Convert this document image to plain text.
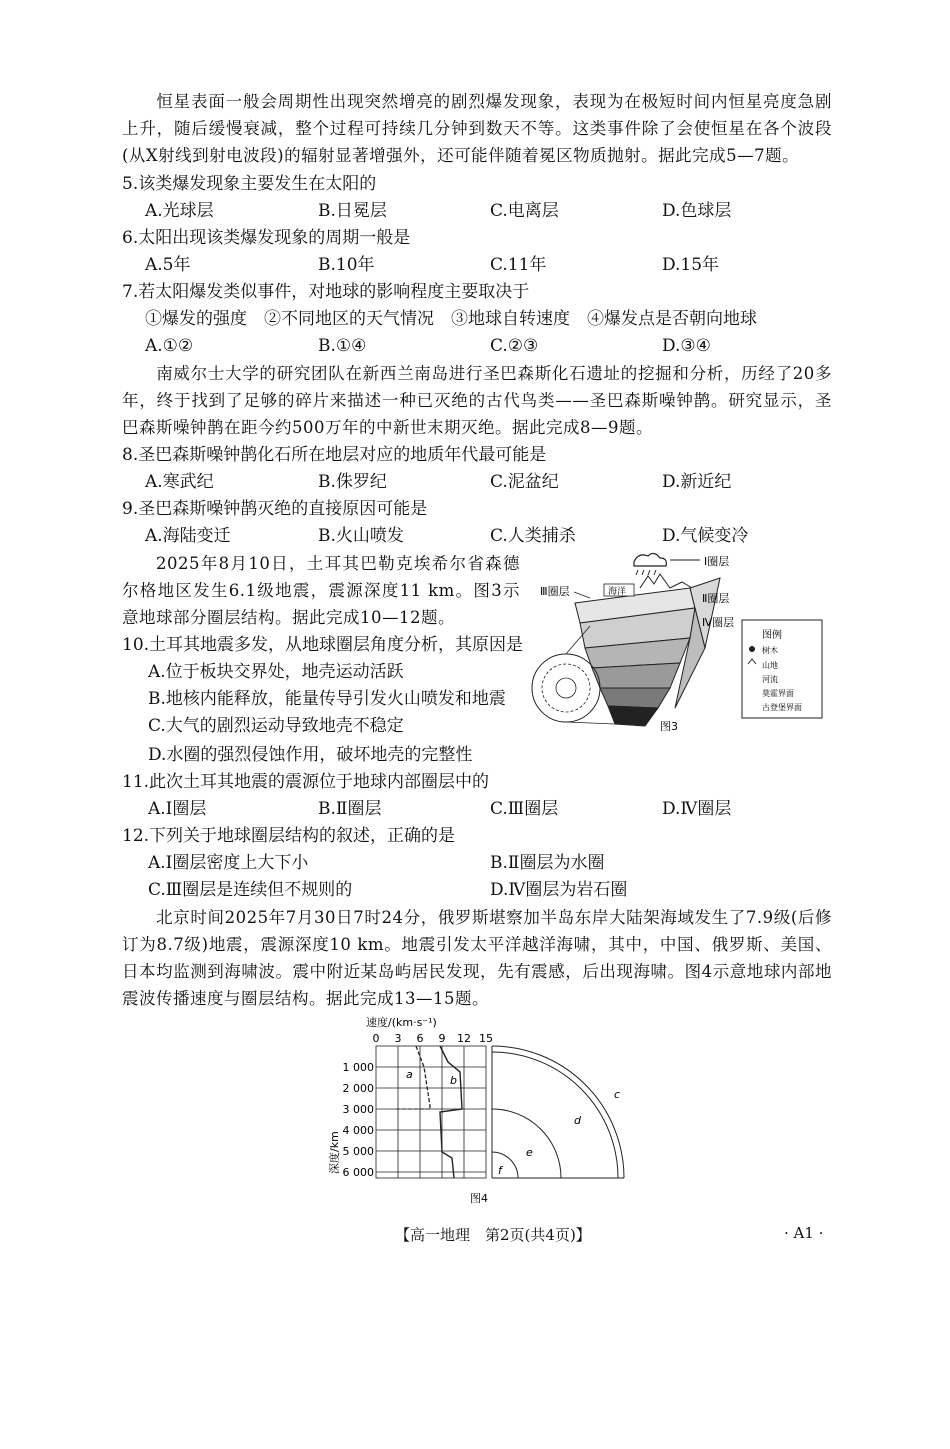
恒星表面一般会周期性出现突然增亮的剧烈爆发现象，表现为在极短时间内恒星亮度急剧上升，随后缓慢衰减，整个过程可持续几分钟到数天不等。这类事件除了会使恒星在各个波段(从X射线到射电波段)的辐射显著增强外，还可能伴随着冕区物质抛射。据此完成5—7题。
5.该类爆发现象主要发生在太阳的
A.光球层	B.日冕层	C.电离层	D.色球层
6.太阳出现该类爆发现象的周期一般是
A.5年	B.10年	C.11年	D.15年
7.若太阳爆发类似事件，对地球的影响程度主要取决于
①爆发的强度　②不同地区的天气情况　③地球自转速度　④爆发点是否朝向地球
A.①②	B.①④	C.②③	D.③④
南威尔士大学的研究团队在新西兰南岛进行圣巴森斯化石遗址的挖掘和分析，历经了20多年，终于找到了足够的碎片来描述一种已灭绝的古代鸟类——圣巴森斯噪钟鹊。研究显示，圣巴森斯噪钟鹊在距今约500万年的中新世末期灭绝。据此完成8—9题。
8.圣巴森斯噪钟鹊化石所在地层对应的地质年代最可能是
A.寒武纪	B.侏罗纪	C.泥盆纪	D.新近纪
9.圣巴森斯噪钟鹊灭绝的直接原因可能是
A.海陆变迁	B.火山喷发	C.人类捕杀	D.气候变冷
2025年8月10日，土耳其巴勒克埃希尔省森德尔格地区发生6.1级地震，震源深度11 km。图3示意地球部分圈层结构。据此完成10—12题。
10.土耳其地震多发，从地球圈层角度分析，其原因是
A.位于板块交界处，地壳运动活跃
B.地核内能释放，能量传导引发火山喷发和地震
C.大气的剧烈运动导致地壳不稳定
D.水圈的强烈侵蚀作用，破坏地壳的完整性
Ⅰ圈层
海洋
Ⅲ圈层
Ⅱ圈层
Ⅳ圈层
图3
图例
树木
山地
河流
莫霍界面
古登堡界面
11.此次土耳其地震的震源位于地球内部圈层中的
A.Ⅰ圈层	B.Ⅱ圈层	C.Ⅲ圈层	D.Ⅳ圈层
12.下列关于地球圈层结构的叙述，正确的是
A.Ⅰ圈层密度上大下小	B.Ⅱ圈层为水圈
C.Ⅲ圈层是连续但不规则的	D.Ⅳ圈层为岩石圈
北京时间2025年7月30日7时24分，俄罗斯堪察加半岛东岸大陆架海域发生了7.9级(后修订为8.7级)地震，震源深度10 km。地震引发太平洋越洋海啸，其中，中国、俄罗斯、美国、日本均监测到海啸波。震中附近某岛屿居民发现，先有震感，后出现海啸。图4示意地球内部地震波传播速度与圈层结构。据此完成13—15题。
速度/(km·s⁻¹)
0 3 6 9 12 15
1 000
2 000
3 000
4 000
5 000
6 000
深度/km
a	b
c
d
e
f
图4
【高一地理　第2页(共4页)】	· A1 ·
